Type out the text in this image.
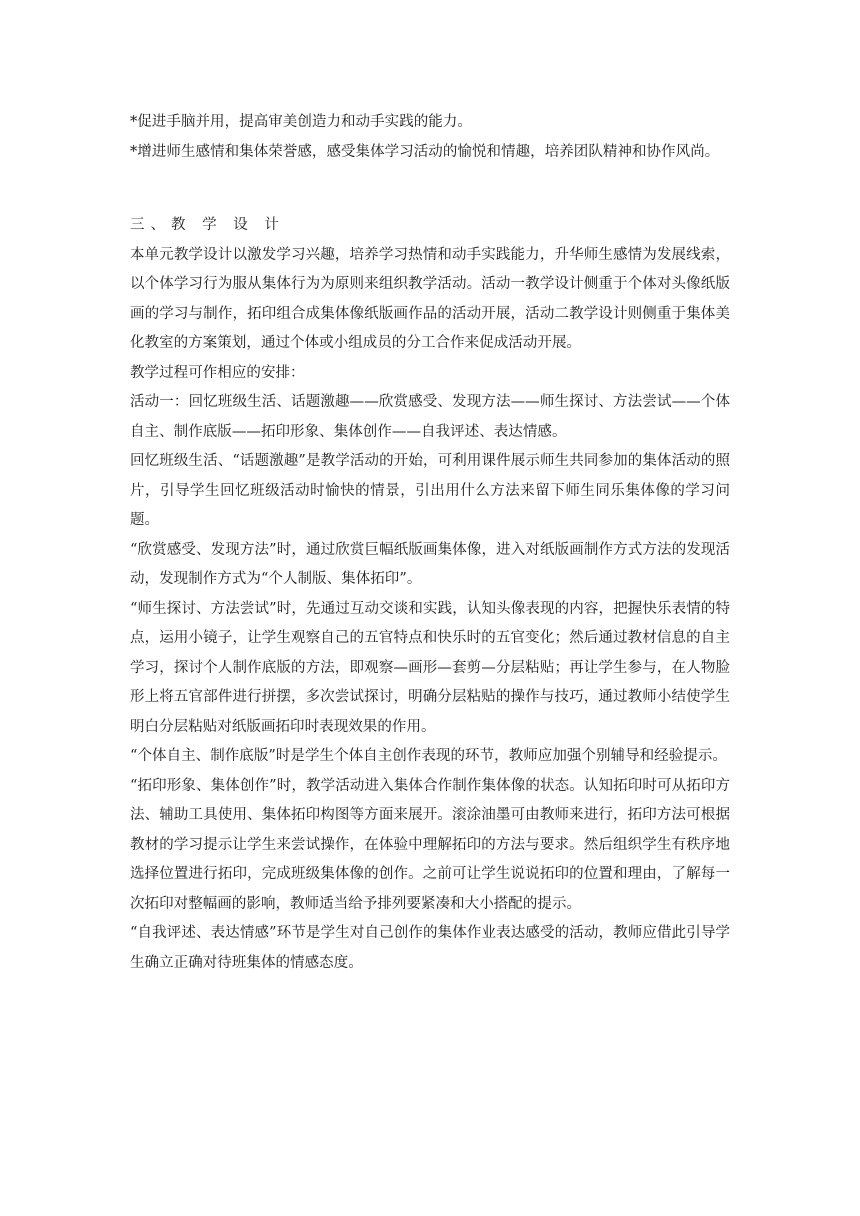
*促进手脑并用，提高审美创造力和动手实践的能力。

*增进师生感情和集体荣誉感，感受集体学习活动的愉悦和情趣，培养团队精神和协作风尚。

三、教 学 设 计

本单元教学设计以激发学习兴趣，培养学习热情和动手实践能力，升华师生感情为发展线索，以个体学习行为服从集体行为为原则来组织教学活动。活动一教学设计侧重于个体对头像纸版画的学习与制作，拓印组合成集体像纸版画作品的活动开展，活动二教学设计则侧重于集体美化教室的方案策划，通过个体或小组成员的分工合作来促成活动开展。

教学过程可作相应的安排：

活动一：回忆班级生活、话题激趣——欣赏感受、发现方法——师生探讨、方法尝试——个体自主、制作底版——拓印形象、集体创作——自我评述、表达情感。

回忆班级生活、“话题激趣”是教学活动的开始，可利用课件展示师生共同参加的集体活动的照片，引导学生回忆班级活动时愉快的情景，引出用什么方法来留下师生同乐集体像的学习问题。

“欣赏感受、发现方法”时，通过欣赏巨幅纸版画集体像，进入对纸版画制作方式方法的发现活动，发现制作方式为“个人制版、集体拓印”。

“师生探讨、方法尝试”时，先通过互动交谈和实践，认知头像表现的内容，把握快乐表情的特点，运用小镜子，让学生观察自己的五官特点和快乐时的五官变化；然后通过教材信息的自主学习，探讨个人制作底版的方法，即观察—画形—套剪—分层粘贴；再让学生参与，在人物脸形上将五官部件进行拼摆，多次尝试探讨，明确分层粘贴的操作与技巧，通过教师小结使学生明白分层粘贴对纸版画拓印时表现效果的作用。

“个体自主、制作底版”时是学生个体自主创作表现的环节，教师应加强个别辅导和经验提示。

“拓印形象、集体创作”时，教学活动进入集体合作制作集体像的状态。认知拓印时可从拓印方法、辅助工具使用、集体拓印构图等方面来展开。滚涂油墨可由教师来进行，拓印方法可根据教材的学习提示让学生来尝试操作，在体验中理解拓印的方法与要求。然后组织学生有秩序地选择位置进行拓印，完成班级集体像的创作。之前可让学生说说拓印的位置和理由，了解每一次拓印对整幅画的影响，教师适当给予排列要紧凑和大小搭配的提示。

“自我评述、表达情感”环节是学生对自己创作的集体作业表达感受的活动，教师应借此引导学生确立正确对待班集体的情感态度。
